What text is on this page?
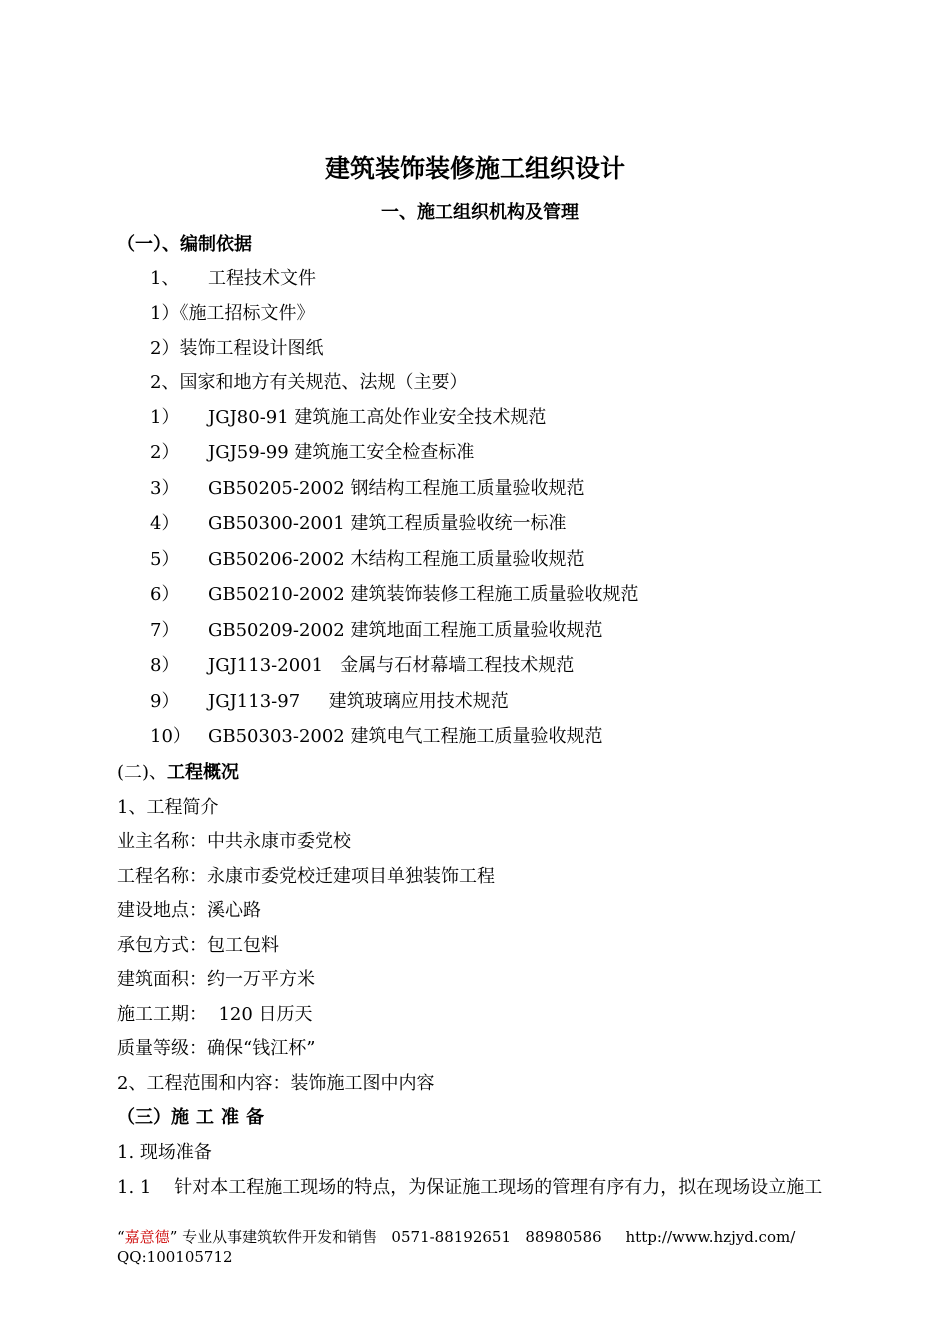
建筑装饰装修施工组织设计
一、施工组织机构及管理
（一）、编制依据
1、 工程技术文件
1）《施工招标文件》
2）装饰工程设计图纸
2、国家和地方有关规范、法规（主要）
1） JGJ80-91 建筑施工高处作业安全技术规范
2） JGJ59-99 建筑施工安全检查标准
3） GB50205-2002 钢结构工程施工质量验收规范
4） GB50300-2001 建筑工程质量验收统一标准
5） GB50206-2002 木结构工程施工质量验收规范
6） GB50210-2002 建筑装饰装修工程施工质量验收规范
7） GB50209-2002 建筑地面工程施工质量验收规范
8） JGJ113-2001   金属与石材幕墙工程技术规范
9） JGJ113-97     建筑玻璃应用技术规范
10） GB50303-2002 建筑电气工程施工质量验收规范
(二)、工程概况
1、工程简介
业主名称：中共永康市委党校
工程名称：永康市委党校迁建项目单独装饰工程
建设地点：溪心路
承包方式：包工包料
建筑面积：约一万平方米
施工工期：  120 日历天
质量等级：确保“钱江杯”
2、工程范围和内容：装饰施工图中内容
（三）施工准备
1. 现场准备
1. 1    针对本工程施工现场的特点，为保证施工现场的管理有序有力，拟在现场设立施工
“嘉意德” 专业从事建筑软件开发和销售   0571-88192651   88980586     http://www.hzjyd.com/
QQ:100105712
